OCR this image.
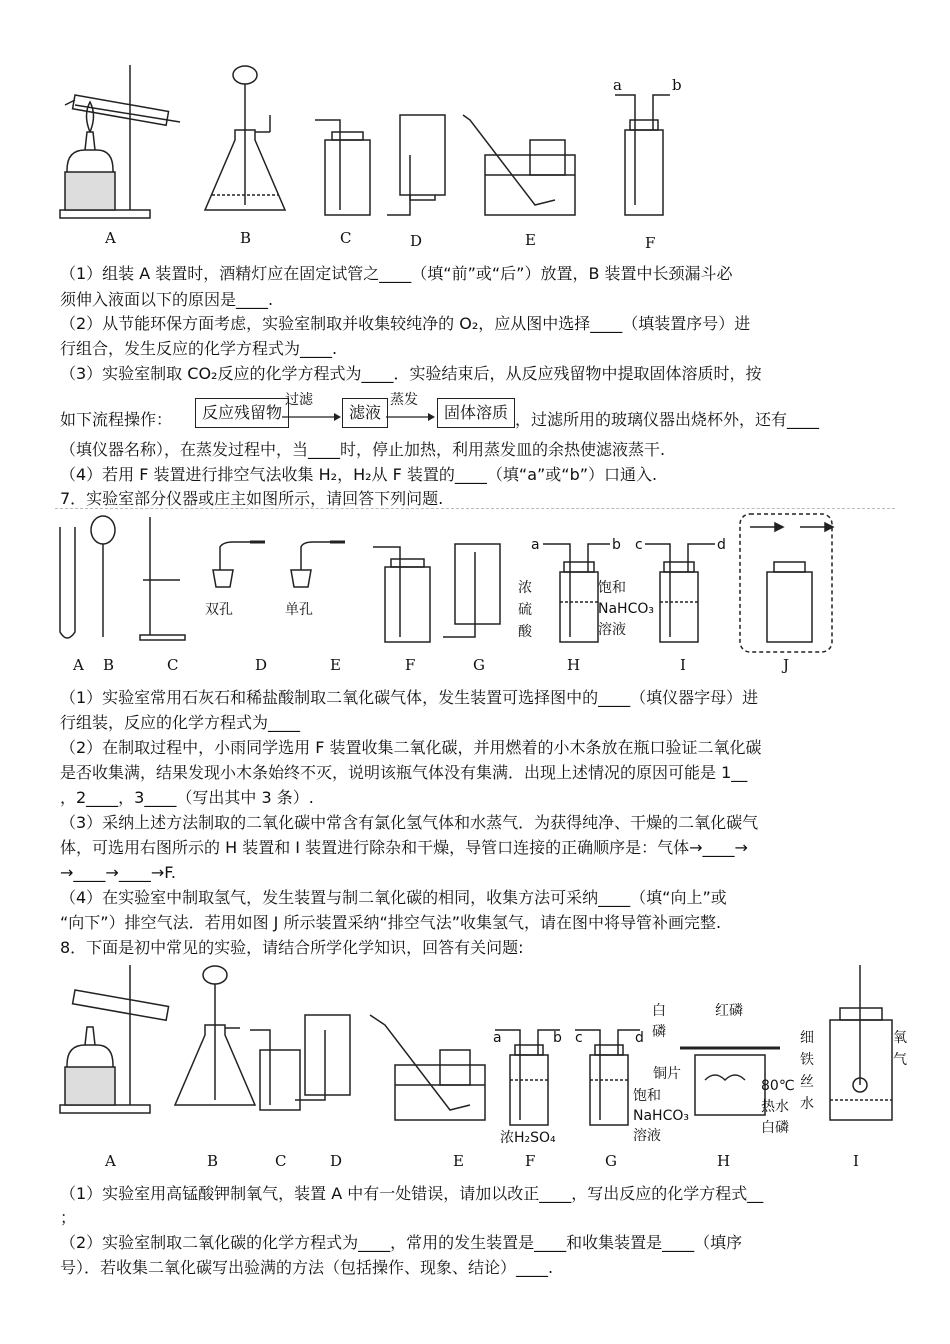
A	B	C	D	E	F
a	b
（1）组装 A 装置时，酒精灯应在固定试管之____（填“前”或“后”）放置，B 装置中长颈漏斗必
须伸入液面以下的原因是____.
（2）从节能环保方面考虑，实验室制取并收集较纯净的 O₂，应从图中选择____（填装置序号）进
行组合，发生反应的化学方程式为____.
（3）实验室制取 CO₂反应的化学方程式为____．实验结束后，从反应残留物中提取固体溶质时，按
如下流程操作：	反应残留物
过滤
滤液
蒸发
固体溶质 ，过滤所用的玻璃仪器出烧杯外，还有____
（填仪器名称），在蒸发过程中，当____时，停止加热，利用蒸发皿的余热使滤液蒸干.
（4）若用 F 装置进行排空气法收集 H₂，H₂从 F 装置的____（填“a”或“b”）口通入.
7．实验室部分仪器或庄主如图所示，请回答下列问题.
双孔	单孔
浓 硫 酸
饱和
NaHCO₃
溶液
a	b c	d
A B	C	D	E	F	G	H	I	J
（1）实验室常用石灰石和稀盐酸制取二氧化碳气体，发生装置可选择图中的____（填仪器字母）进
行组装，反应的化学方程式为____
（2）在制取过程中，小雨同学选用 F 装置收集二氧化碳，并用燃着的小木条放在瓶口验证二氧化碳
是否收集满，结果发现小木条始终不灭，说明该瓶气体没有集满．出现上述情况的原因可能是 1__
，2____，3____（写出其中 3 条）.
（3）采纳上述方法制取的二氧化碳中常含有氯化氢气体和水蒸气．为获得纯净、干燥的二氧化碳气
体，可选用右图所示的 H 装置和 I 装置进行除杂和干燥，导管口连接的正确顺序是：气体→____→
→____→____→F.
（4）在实验室中制取氢气，发生装置与制二氧化碳的相同，收集方法可采纳____（填“向上”或
“向下”）排空气法．若用如图 J 所示装置采纳“排空气法”收集氢气，请在图中将导管补画完整.
8．下面是初中常见的实验，请结合所学化学知识，回答有关问题:
a	b c	d
浓H₂SO₄
饱和
NaHCO₃
溶液
白
磷
红磷
铜片
80℃
热水
白磷
细
铁
丝
水
氧
气
A	B	C	D	E	F	G	H	I
（1）实验室用高锰酸钾制氧气，装置 A 中有一处错误，请加以改正____，写出反应的化学方程式__
；
（2）实验室制取二氧化碳的化学方程式为____，常用的发生装置是____和收集装置是____（填序
号）．若收集二氧化碳写出验满的方法（包括操作、现象、结论）____.
